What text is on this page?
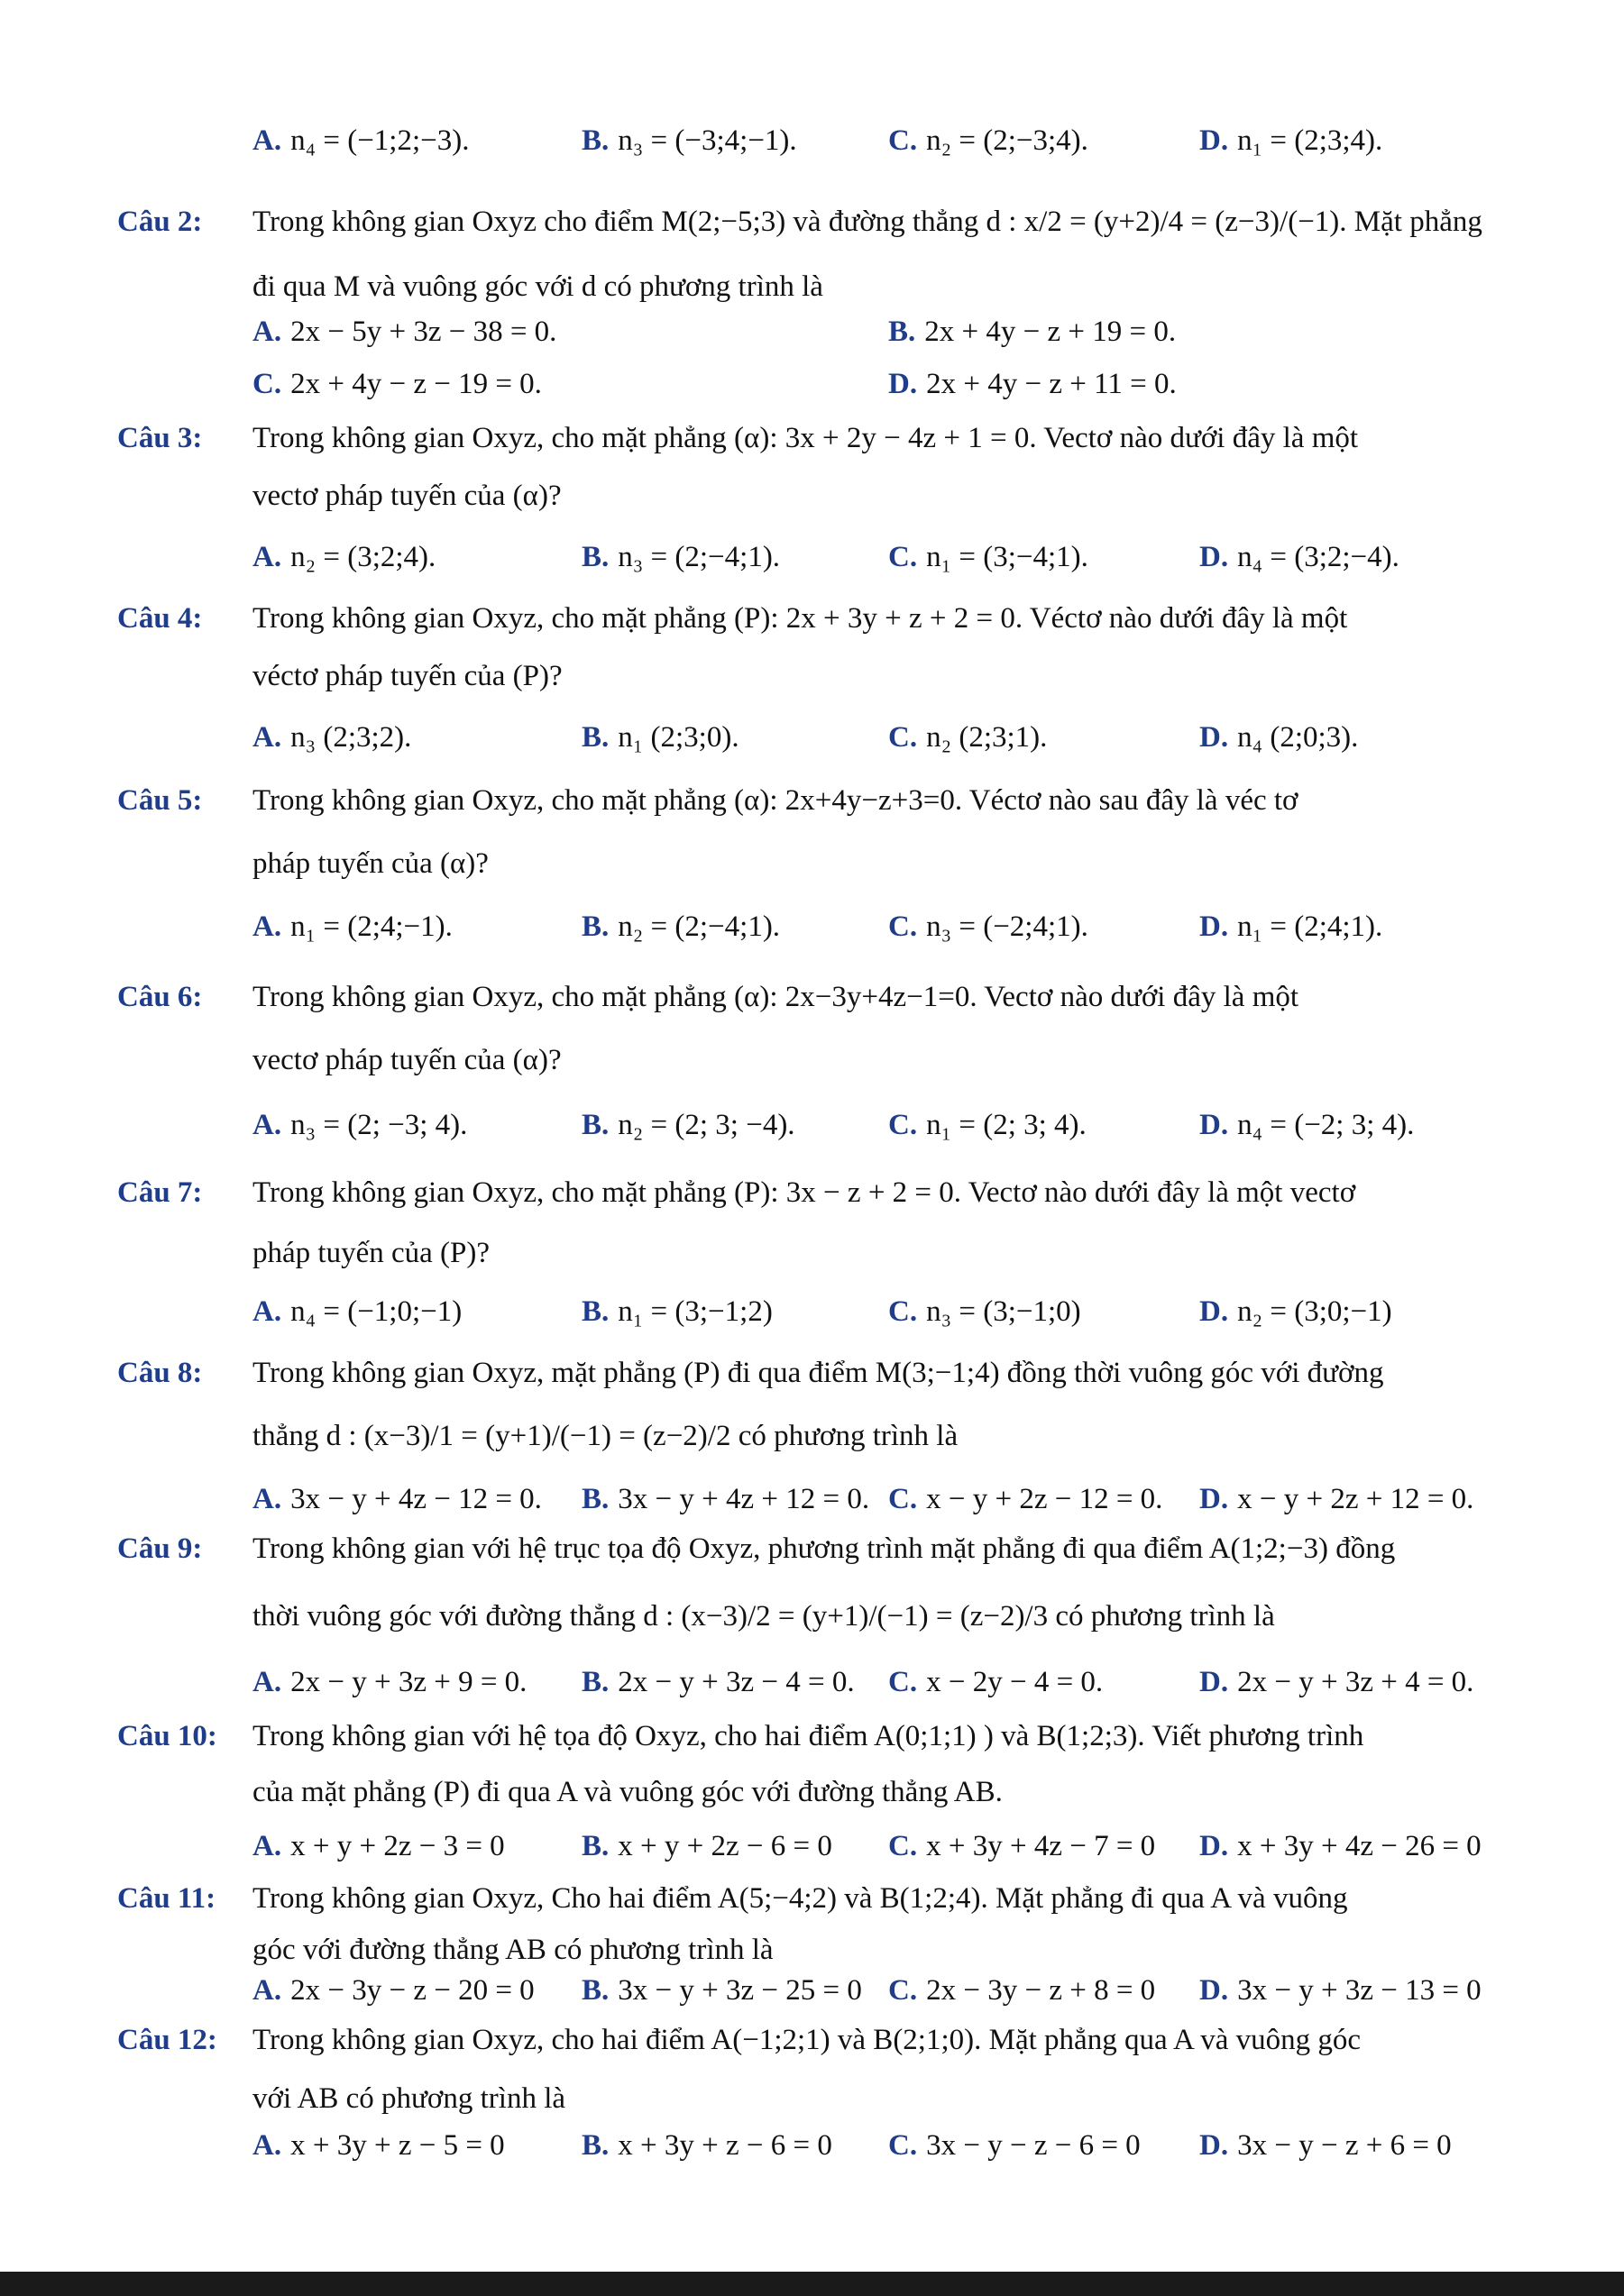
A. n₄ = (−1;2;−3).	B. n₃ = (−3;4;−1).	C. n₂ = (2;−3;4).	D. n₁ = (2;3;4).
Câu 2: Trong không gian Oxyz cho điểm M(2;−5;3) và đường thẳng d : x/2 = (y+2)/4 = (z−3)/(−1). Mặt phẳng
đi qua M và vuông góc với d có phương trình là
A. 2x − 5y + 3z − 38 = 0.	B. 2x + 4y − z + 19 = 0.
C. 2x + 4y − z − 19 = 0.	D. 2x + 4y − z + 11 = 0.
Câu 3: Trong không gian Oxyz, cho mặt phẳng (α): 3x + 2y − 4z + 1 = 0. Vectơ nào dưới đây là một
vectơ pháp tuyến của (α)?
A. n₂ = (3;2;4).	B. n₃ = (2;−4;1).	C. n₁ = (3;−4;1).	D. n₄ = (3;2;−4).
Câu 4: Trong không gian Oxyz, cho mặt phẳng (P): 2x + 3y + z + 2 = 0. Véctơ nào dưới đây là một
véctơ pháp tuyến của (P)?
A. n₃ (2;3;2).	B. n₁ (2;3;0).	C. n₂ (2;3;1).	D. n₄ (2;0;3).
Câu 5: Trong không gian Oxyz, cho mặt phẳng (α): 2x+4y−z+3=0. Véctơ nào sau đây là véc tơ
pháp tuyến của (α)?
A. n₁ = (2;4;−1).	B. n₂ = (2;−4;1).	C. n₃ = (−2;4;1).	D. n₁ = (2;4;1).
Câu 6: Trong không gian Oxyz, cho mặt phẳng (α): 2x−3y+4z−1=0. Vectơ nào dưới đây là một
vectơ pháp tuyến của (α)?
A. n₃ = (2; −3; 4).	B. n₂ = (2; 3; −4).	C. n₁ = (2; 3; 4).	D. n₄ = (−2; 3; 4).
Câu 7: Trong không gian Oxyz, cho mặt phẳng (P): 3x − z + 2 = 0. Vectơ nào dưới đây là một vectơ
pháp tuyến của (P)?
A. n₄ = (−1;0;−1)	B. n₁ = (3;−1;2)	C. n₃ = (3;−1;0)	D. n₂ = (3;0;−1)
Câu 8: Trong không gian Oxyz, mặt phẳng (P) đi qua điểm M(3;−1;4) đồng thời vuông góc với đường
thẳng d : (x−3)/1 = (y+1)/(−1) = (z−2)/2 có phương trình là
A. 3x − y + 4z − 12 = 0. B. 3x − y + 4z + 12 = 0. C. x − y + 2z − 12 = 0. D. x − y + 2z + 12 = 0.
Câu 9: Trong không gian với hệ trục tọa độ Oxyz, phương trình mặt phẳng đi qua điểm A(1;2;−3) đồng
thời vuông góc với đường thẳng d : (x−3)/2 = (y+1)/(−1) = (z−2)/3 có phương trình là
A. 2x − y + 3z + 9 = 0. B. 2x − y + 3z − 4 = 0. C. x − 2y − 4 = 0.	D. 2x − y + 3z + 4 = 0.
Câu 10: Trong không gian với hệ tọa độ Oxyz, cho hai điểm A(0;1;1) ) và B(1;2;3). Viết phương trình
của mặt phẳng (P) đi qua A và vuông góc với đường thẳng AB.
A. x + y + 2z − 3 = 0	B. x + y + 2z − 6 = 0 C. x + 3y + 4z − 7 = 0 D. x + 3y + 4z − 26 = 0
Câu 11: Trong không gian Oxyz, Cho hai điểm A(5;−4;2) và B(1;2;4). Mặt phẳng đi qua A và vuông
góc với đường thẳng AB có phương trình là
A. 2x − 3y − z − 20 = 0 B. 3x − y + 3z − 25 = 0 C. 2x − 3y − z + 8 = 0 D. 3x − y + 3z − 13 = 0
Câu 12: Trong không gian Oxyz, cho hai điểm A(−1;2;1) và B(2;1;0). Mặt phẳng qua A và vuông góc
với AB có phương trình là
A. x + 3y + z − 5 = 0	B. x + 3y + z − 6 = 0 C. 3x − y − z − 6 = 0 D. 3x − y − z + 6 = 0
